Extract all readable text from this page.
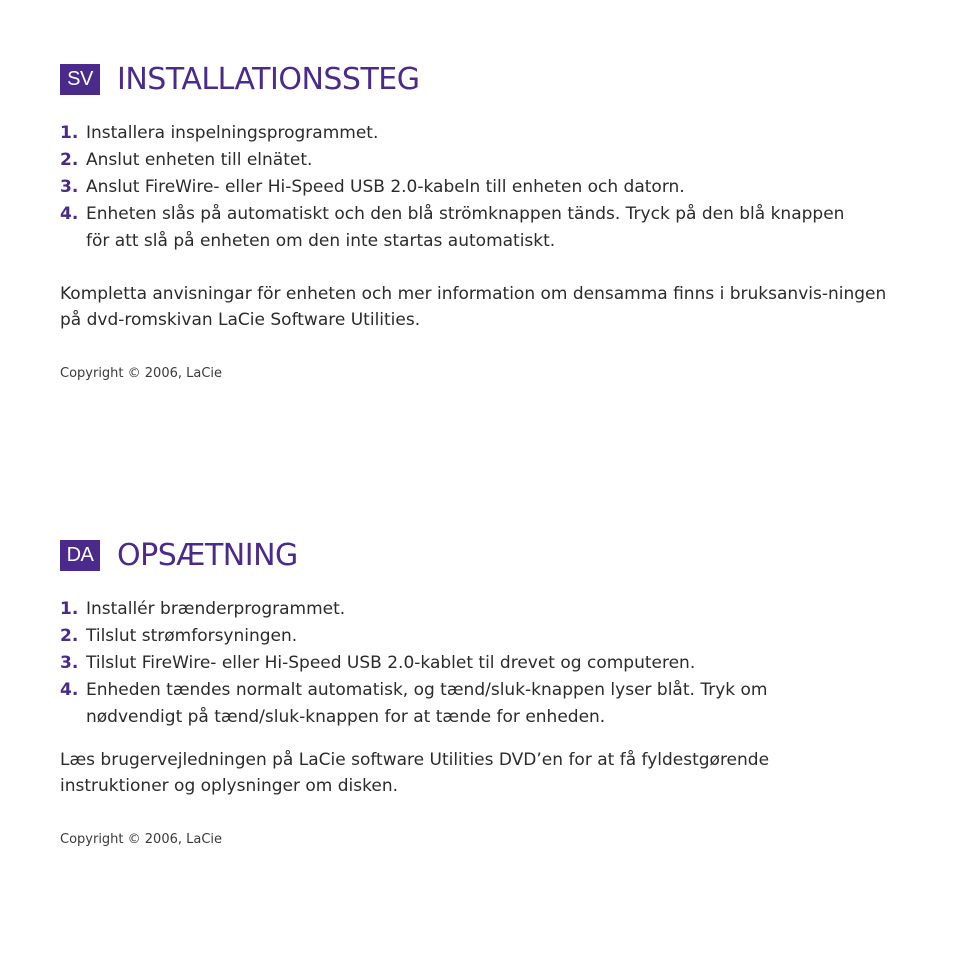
SV INSTALLATIONSSTEG
1. Installera inspelningsprogrammet.
2. Anslut enheten till elnätet.
3. Anslut FireWire- eller Hi-Speed USB 2.0-kabeln till enheten och datorn.
4. Enheten slås på automatiskt och den blå strömknappen tänds. Tryck på den blå knappen för att slå på enheten om den inte startas automatiskt.

Kompletta anvisningar för enheten och mer information om densamma finns i bruksanvis-ningen på dvd-romskivan LaCie Software Utilities.

Copyright © 2006, LaCie
DA OPSÆTNING
1. Installér brænderprogrammet.
2. Tilslut strømforsyningen.
3. Tilslut FireWire- eller Hi-Speed USB 2.0-kablet til drevet og computeren.
4. Enheden tændes normalt automatisk, og tænd/sluk-knappen lyser blåt. Tryk om nødvendigt på tænd/sluk-knappen for at tænde for enheden.

Læs brugervejledningen på LaCie software Utilities DVD’en for at få fyldestgørende instruktioner og oplysninger om disken.

Copyright © 2006, LaCie
